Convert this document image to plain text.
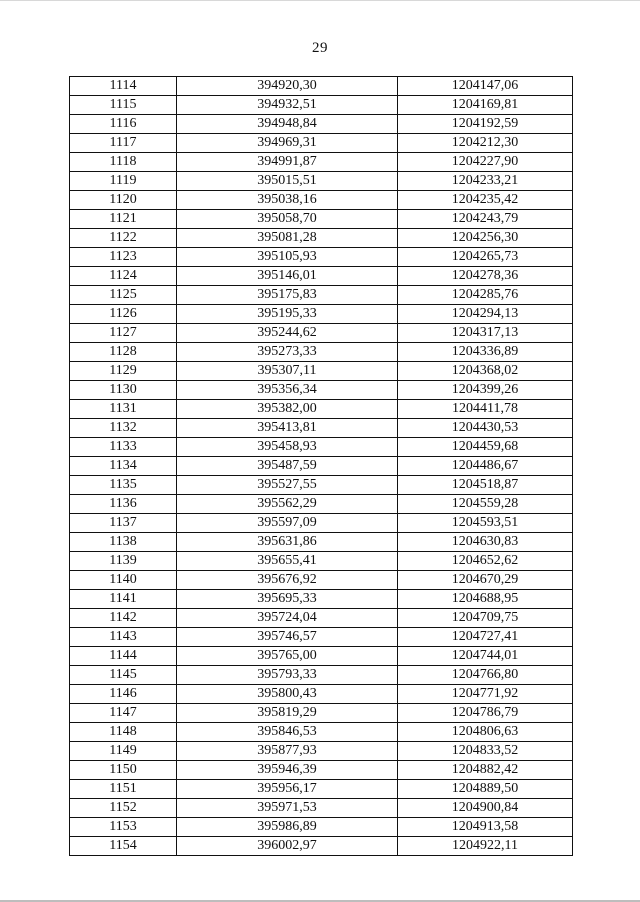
29
1114	394920,30	1204147,06
1115	394932,51	1204169,81
1116	394948,84	1204192,59
1117	394969,31	1204212,30
1118	394991,87	1204227,90
1119	395015,51	1204233,21
1120	395038,16	1204235,42
1121	395058,70	1204243,79
1122	395081,28	1204256,30
1123	395105,93	1204265,73
1124	395146,01	1204278,36
1125	395175,83	1204285,76
1126	395195,33	1204294,13
1127	395244,62	1204317,13
1128	395273,33	1204336,89
1129	395307,11	1204368,02
1130	395356,34	1204399,26
1131	395382,00	1204411,78
1132	395413,81	1204430,53
1133	395458,93	1204459,68
1134	395487,59	1204486,67
1135	395527,55	1204518,87
1136	395562,29	1204559,28
1137	395597,09	1204593,51
1138	395631,86	1204630,83
1139	395655,41	1204652,62
1140	395676,92	1204670,29
1141	395695,33	1204688,95
1142	395724,04	1204709,75
1143	395746,57	1204727,41
1144	395765,00	1204744,01
1145	395793,33	1204766,80
1146	395800,43	1204771,92
1147	395819,29	1204786,79
1148	395846,53	1204806,63
1149	395877,93	1204833,52
1150	395946,39	1204882,42
1151	395956,17	1204889,50
1152	395971,53	1204900,84
1153	395986,89	1204913,58
1154	396002,97	1204922,11
